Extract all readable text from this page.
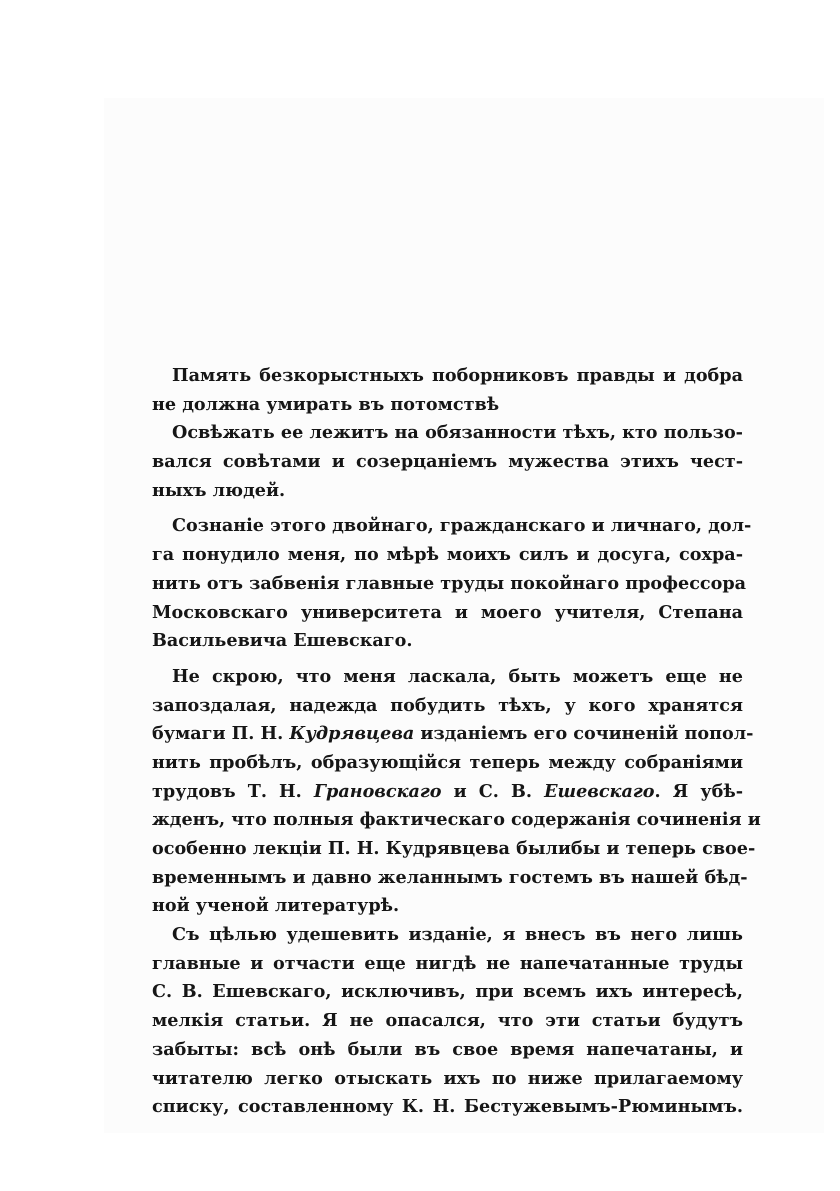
Память безкорыстныхъ поборниковъ правды и добра
не должна умирать въ потомствѣ
Освѣжать ее лежитъ на обязанности тѣхъ, кто пользо-
вался совѣтами и созерцаніемъ мужества этихъ чест-
ныхъ людей.
Сознаніе этого двойнаго, гражданскаго и личнаго, дол-
га понудило меня, по мѣрѣ моихъ силъ и досуга, сохра-
нить отъ забвенія главные труды покойнаго профессора
Московскаго университета и моего учителя, Степана
Васильевича Ешевскаго.
Не скрою, что меня ласкала, быть можетъ еще не
запоздалая, надежда побудить тѣхъ, у кого хранятся
бумаги П. Н. Кудрявцева изданіемъ его сочиненій попол-
нить пробѣлъ, образующійся теперь между собраніями
трудовъ Т. Н. Грановскаго и С. В. Ешевскаго. Я убѣ-
жденъ, что полныя фактическаго содержанія сочиненія и
особенно лекціи П. Н. Кудрявцева былибы и теперь свое-
временнымъ и давно желаннымъ гостемъ въ нашей бѣд-
ной ученой литературѣ.
Съ цѣлью удешевить изданіе, я внесъ въ него лишь
главные и отчасти еще нигдѣ не напечатанные труды
С. В. Ешевскаго, исключивъ, при всемъ ихъ интересѣ,
мелкія статьи. Я не опасался, что эти статьи будутъ
забыты: всѣ онѣ были въ свое время напечатаны, и
читателю легко отыскать ихъ по ниже прилагаемому
списку, составленному К. Н. Бестужевымъ-Рюминымъ.
